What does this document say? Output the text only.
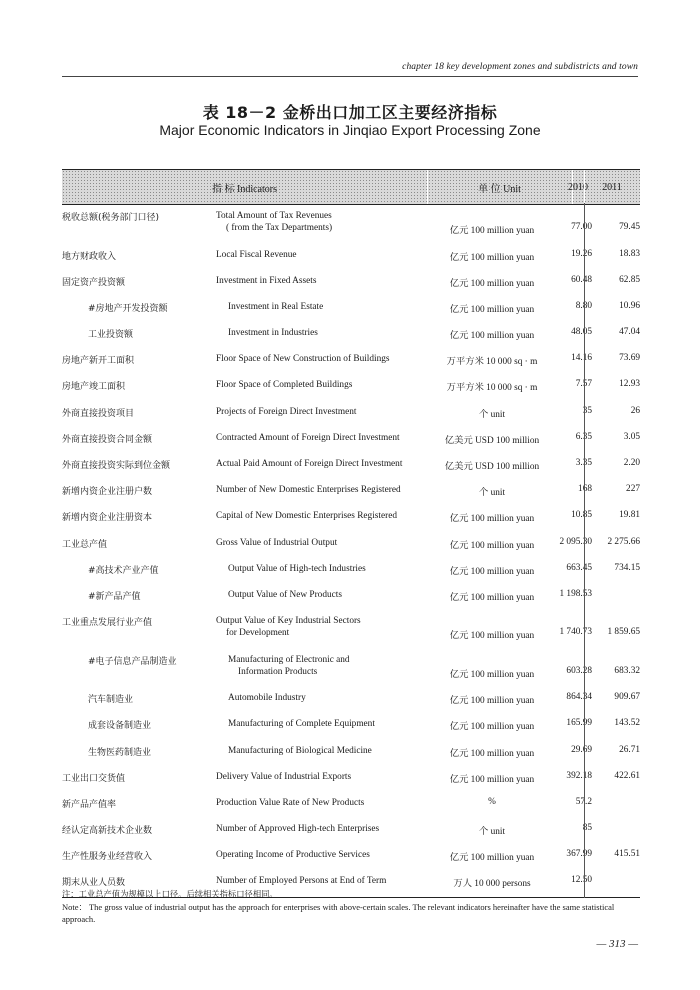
chapter 18 key development zones and subdistricts and town
表 18－2 金桥出口加工区主要经济指标
Major Economic Indicators in Jinqiao Export Processing Zone
指 标 Indicators	单 位 Unit	2010	2011
税收总额(税务部门口径)	Total Amount of Tax Revenues
( from the Tax Departments)	亿元 100 million yuan	77.00	79.45
地方财政收入	Local Fiscal Revenue	亿元 100 million yuan	19.26	18.83
固定资产投资额	Investment in Fixed Assets	亿元 100 million yuan	60.48	62.85
#房地产开发投资额	Investment in Real Estate	亿元 100 million yuan	8.80	10.96
工业投资额	Investment in Industries	亿元 100 million yuan	48.05	47.04
房地产新开工面积	Floor Space of New Construction of Buildings	万平方米 10 000 sq · m	14.16	73.69
房地产竣工面积	Floor Space of Completed Buildings	万平方米 10 000 sq · m	7.57	12.93
外商直接投资项目	Projects of Foreign Direct Investment	个 unit	35	26
外商直接投资合同金额	Contracted Amount of Foreign Direct Investment	亿美元 USD 100 million	6.35	3.05
外商直接投资实际到位金额	Actual Paid Amount of Foreign Direct Investment	亿美元 USD 100 million	3.35	2.20
新增内资企业注册户数	Number of New Domestic Enterprises Registered	个 unit	168	227
新增内资企业注册资本	Capital of New Domestic Enterprises Registered	亿元 100 million yuan	10.85	19.81
工业总产值	Gross Value of Industrial Output	亿元 100 million yuan	2 095.30	2 275.66
#高技术产业产值	Output Value of High-tech Industries	亿元 100 million yuan	663.45	734.15
#新产品产值	Output Value of New Products	亿元 100 million yuan	1 198.53
工业重点发展行业产值	Output Value of Key Industrial Sectors
for Development	亿元 100 million yuan	1 740.73	1 859.65
#电子信息产品制造业	Manufacturing of Electronic and
Information Products	亿元 100 million yuan	603.28	683.32
汽车制造业	Automobile Industry	亿元 100 million yuan	864.34	909.67
成套设备制造业	Manufacturing of Complete Equipment	亿元 100 million yuan	165.99	143.52
生物医药制造业	Manufacturing of Biological Medicine	亿元 100 million yuan	29.69	26.71
工业出口交货值	Delivery Value of Industrial Exports	亿元 100 million yuan	392.18	422.61
新产品产值率	Production Value Rate of New Products	%	57.2
经认定高新技术企业数	Number of Approved High-tech Enterprises	个 unit	85
生产性服务业经营收入	Operating Income of Productive Services	亿元 100 million yuan	367.99	415.51
期末从业人员数	Number of Employed Persons at End of Term	万人 10 000 persons	12.50
注：工业总产值为规模以上口径。后续相关指标口径相同。
Note： The gross value of industrial output has the approach for enterprises with above-certain scales. The relevant indicators hereinafter have the same statistical approach.
— 313 —
